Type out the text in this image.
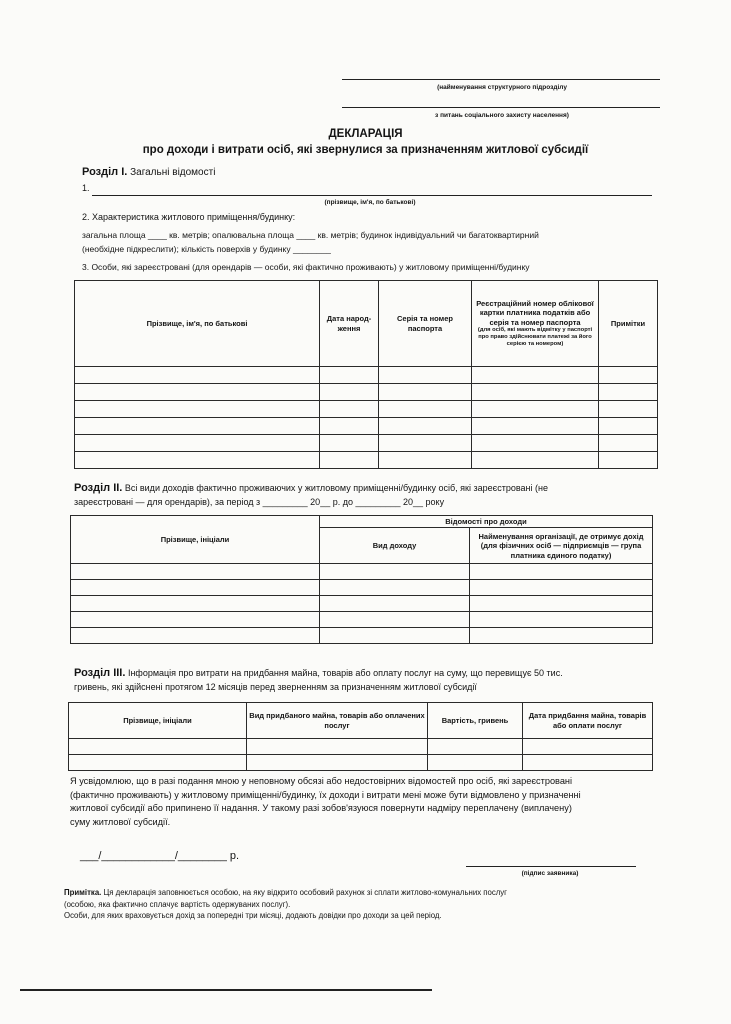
(найменування структурного підрозділу
з питань соціального захисту населення)
ДЕКЛАРАЦІЯ
про доходи і витрати осіб, які звернулися за призначенням житлової субсидії
Розділ І. Загальні відомості
1.
(прізвище, ім'я, по батькові)
2. Характеристика житлового приміщення/будинку:
загальна площа ____ кв. метрів; опалювальна площа ____ кв. метрів; будинок індивідуальний чи багатоквартирний
(необхідне підкреслити); кількість поверхів у будинку ________
3. Особи, які зареєстровані (для орендарів — особи, які фактично проживають) у житловому приміщенні/будинку
Прізвище, ім'я, по батькові	Дата народ-ження	Серія та номер паспорта	Реєстраційний номер облікової картки платника податків або серія та номер паспорта
(для осіб, які мають відмітку у паспорті про право здійснювати платежі за його серією та номером)	Примітки

Розділ ІІ. Всі види доходів фактично проживаючих у житловому приміщенні/будинку осіб, які зареєстровані (не
зареєстровані — для орендарів), за період з _________ 20__ р. до _________ 20__ року
Прізвище, ініціали	Відомості про доходи	
	Вид доходу	Найменування організації, де отримує дохід (для фізичних осіб — підприємців — група платника єдиного податку)

Розділ ІІІ. Інформація про витрати на придбання майна, товарів або оплату послуг на суму, що перевищує 50 тис.
гривень, які здійснені протягом 12 місяців перед зверненням за призначенням житлової субсидії
Прізвище, ініціали	Вид придбаного майна, товарів або оплачених послуг	Вартість, гривень	Дата придбання майна, товарів або оплати послуг

Я усвідомлюю, що в разі подання мною у неповному обсязі або недостовірних відомостей про осіб, які зареєстровані
(фактично проживають) у житловому приміщенні/будинку, їх доходи і витрати мені може бути відмовлено у призначенні
житлової субсидії або припинено її надання. У такому разі зобов'язуюся повернути надміру переплачену (виплачену)
суму житлової субсидії.
___/____________/________ р.
(підпис заявника)
Примітка. Ця декларація заповнюється особою, на яку відкрито особовий рахунок зі сплати житлово-комунальних послуг
(особою, яка фактично сплачує вартість одержуваних послуг).
Особи, для яких враховується дохід за попередні три місяці, додають довідки про доходи за цей період.
